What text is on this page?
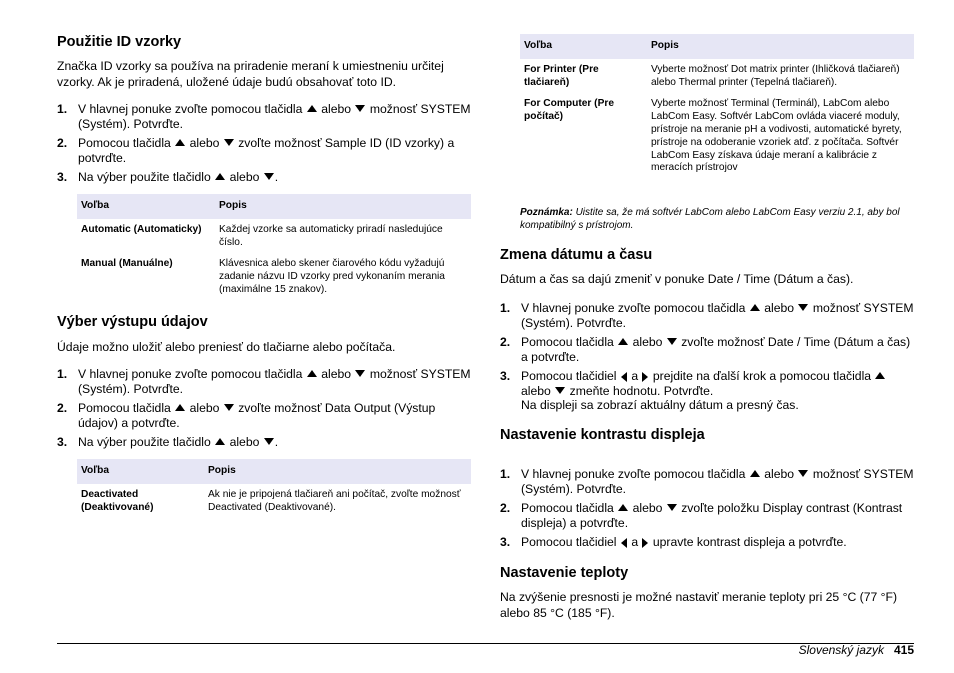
Použitie ID vzorky
Značka ID vzorky sa používa na priradenie meraní k umiestneniu určitej vzorky. Ak je priradená, uložené údaje budú obsahovať toto ID.
1. V hlavnej ponuke zvoľte pomocou tlačidla alebo možnosť SYSTEM (Systém). Potvrďte.
2. Pomocou tlačidla alebo zvoľte možnosť Sample ID (ID vzorky) a potvrďte.
3. Na výber použite tlačidlo alebo .
Voľba	Popis
Automatic (Automaticky)	Každej vzorke sa automaticky priradí nasledujúce číslo.
Manual (Manuálne)	Klávesnica alebo skener čiarového kódu vyžadujú zadanie názvu ID vzorky pred vykonaním merania (maximálne 15 znakov).
Výber výstupu údajov
Údaje možno uložiť alebo preniesť do tlačiarne alebo počítača.
1. V hlavnej ponuke zvoľte pomocou tlačidla alebo možnosť SYSTEM (Systém). Potvrďte.
2. Pomocou tlačidla alebo zvoľte možnosť Data Output (Výstup údajov) a potvrďte.
3. Na výber použite tlačidlo alebo .
Voľba	Popis
Deactivated (Deaktivované)	Ak nie je pripojená tlačiareň ani počítač, zvoľte možnosť Deactivated (Deaktivované).
Voľba	Popis
For Printer (Pre tlačiareň)	Vyberte možnosť Dot matrix printer (Ihličková tlačiareň) alebo Thermal printer (Tepelná tlačiareň).
For Computer (Pre počítač)	Vyberte možnosť Terminal (Terminál), LabCom alebo LabCom Easy. Softvér LabCom ovláda viaceré moduly, prístroje na meranie pH a vodivosti, automatické byrety, prístroje na odoberanie vzoriek atď. z počítača. Softvér LabCom Easy získava údaje meraní a kalibrácie z meracích prístrojov
Poznámka: Uistite sa, že má softvér LabCom alebo LabCom Easy verziu 2.1, aby bol kompatibilný s prístrojom.
Zmena dátumu a času
Dátum a čas sa dajú zmeniť v ponuke Date / Time (Dátum a čas).
1. V hlavnej ponuke zvoľte pomocou tlačidla alebo možnosť SYSTEM (Systém). Potvrďte.
2. Pomocou tlačidla alebo zvoľte možnosť Date / Time (Dátum a čas) a potvrďte.
3. Pomocou tlačidiel a prejdite na ďalší krok a pomocou tlačidla  alebo zmeňte hodnotu. Potvrďte.
Na displeji sa zobrazí aktuálny dátum a presný čas.
Nastavenie kontrastu displeja
1. V hlavnej ponuke zvoľte pomocou tlačidla alebo možnosť SYSTEM (Systém). Potvrďte.
2. Pomocou tlačidla alebo zvoľte položku Display contrast (Kontrast displeja) a potvrďte.
3. Pomocou tlačidiel a upravte kontrast displeja a potvrďte.
Nastavenie teploty
Na zvýšenie presnosti je možné nastaviť meranie teploty pri 25 °C (77 °F) alebo 85 °C (185 °F).
Slovenský jazyk 415
